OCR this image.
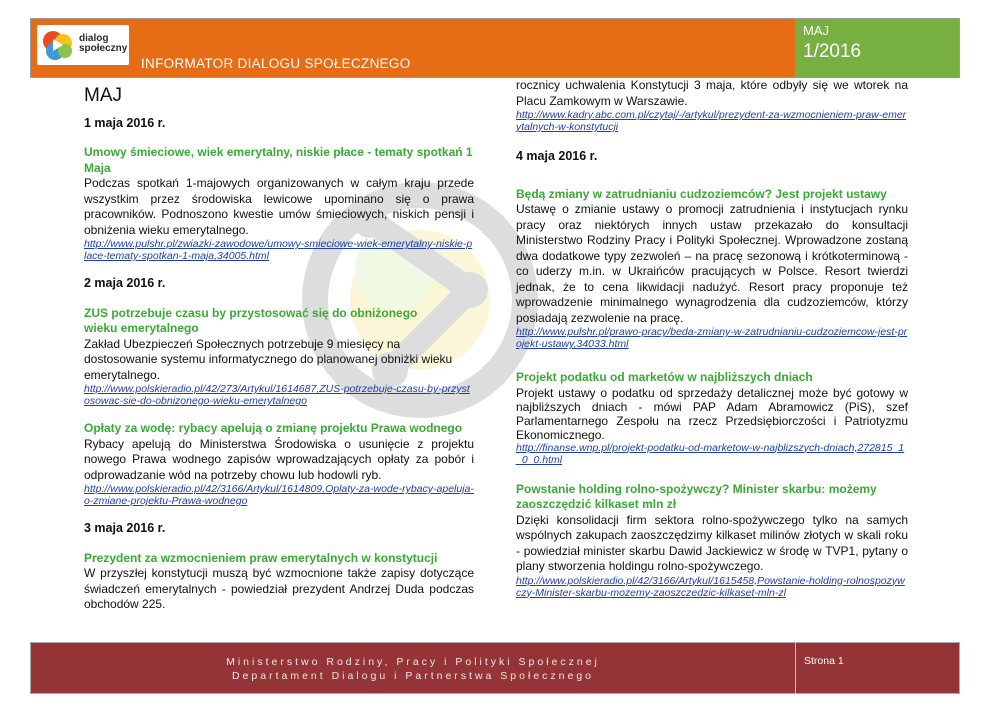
dialog
społeczny
INFORMATOR DIALOGU SPOŁECZNEGO
MAJ
1/2016
MAJ
1 maja 2016 r.
Umowy śmieciowe, wiek emerytalny, niskie płace - tematy spotkań 1 Maja
Podczas spotkań 1-majowych organizowanych w całym kraju przede wszystkim przez środowiska lewicowe upominano się o prawa pracowników. Podnoszono kwestie umów śmieciowych, niskich pensji i obniżenia wieku emerytalnego.
http://www.pulshr.pl/zwiazki-zawodowe/umowy-smieciowe-wiek-emerytalny-niskie-place-tematy-spotkan-1-maja,34005.html
2 maja 2016 r.
ZUS potrzebuje czasu by przystosować się do obniżonego wieku emerytalnego
Zakład Ubezpieczeń Społecznych potrzebuje 9 miesięcy na dostosowanie systemu informatycznego do planowanej obniżki wieku emerytalnego.
http://www.polskieradio.pl/42/273/Artykul/1614687,ZUS-potrzebuje-czasu-by-przystosowac-sie-do-obnizonego-wieku-emerytalnego
Opłaty za wodę: rybacy apelują o zmianę projektu Prawa wodnego
Rybacy apelują do Ministerstwa Środowiska o usunięcie z projektu nowego Prawa wodnego zapisów wprowadzających opłaty za pobór i odprowadzanie wód na potrzeby chowu lub hodowli ryb.
http://www.polskieradio.pl/42/3166/Artykul/1614809,Oplaty-za-wode-rybacy-apeluja-o-zmiane-projektu-Prawa-wodnego
3 maja 2016 r.
Prezydent za wzmocnieniem praw emerytalnych w konstytucji
W przyszłej konstytucji muszą być wzmocnione także zapisy dotyczące świadczeń emerytalnych - powiedział prezydent Andrzej Duda podczas obchodów 225.
rocznicy uchwalenia Konstytucji 3 maja, które odbyły się we wtorek na Placu Zamkowym w Warszawie.
http://www.kadry.abc.com.pl/czytaj/-/artykul/prezydent-za-wzmocnieniem-praw-emerytalnych-w-konstytucji
4 maja 2016 r.
Będą zmiany w zatrudnianiu cudzoziemców? Jest projekt ustawy
Ustawę o zmianie ustawy o promocji zatrudnienia i instytucjach rynku pracy oraz niektórych innych ustaw przekazało do konsultacji Ministerstwo Rodziny Pracy i Polityki Społecznej. Wprowadzone zostaną dwa dodatkowe typy zezwoleń – na pracę sezonową i krótkoterminową - co uderzy m.in. w Ukraińców pracujących w Polsce. Resort twierdzi jednak, że to cena likwidacji nadużyć. Resort pracy proponuje też wprowadzenie minimalnego wynagrodzenia dla cudzoziemców, którzy posiadają zezwolenie na pracę.
http://www.pulshr.pl/prawo-pracy/beda-zmiany-w-zatrudnianiu-cudzoziemcow-jest-projekt-ustawy,34033.html
Projekt podatku od marketów w najbliższych dniach
Projekt ustawy o podatku od sprzedaży detalicznej może być gotowy w najbliższych dniach - mówi PAP Adam Abramowicz (PiS), szef Parlamentarnego Zespołu na rzecz Przedsiębiorczości i Patriotyzmu Ekonomicznego.
http://finanse.wnp.pl/projekt-podatku-od-marketow-w-najblizszych-dniach,272815_1_0_0.html
Powstanie holding rolno-spożywczy? Minister skarbu: możemy zaoszczędzić kilkaset mln zł
Dzięki konsolidacji firm sektora rolno-spożywczego tylko na samych wspólnych zakupach zaoszczędzimy kilkaset milinów złotych w skali roku - powiedział minister skarbu Dawid Jackiewicz w środę w TVP1, pytany o plany stworzenia holdingu rolno-spożywczego.
http://www.polskieradio.pl/42/3166/Artykul/1615458,Powstanie-holding-rolnospozywczy-Minister-skarbu-mozemy-zaoszczedzic-kilkaset-mln-zl
Ministerstwo Rodziny, Pracy i Polityki Społecznej
Departament Dialogu i Partnerstwa Społecznego
Strona 1
